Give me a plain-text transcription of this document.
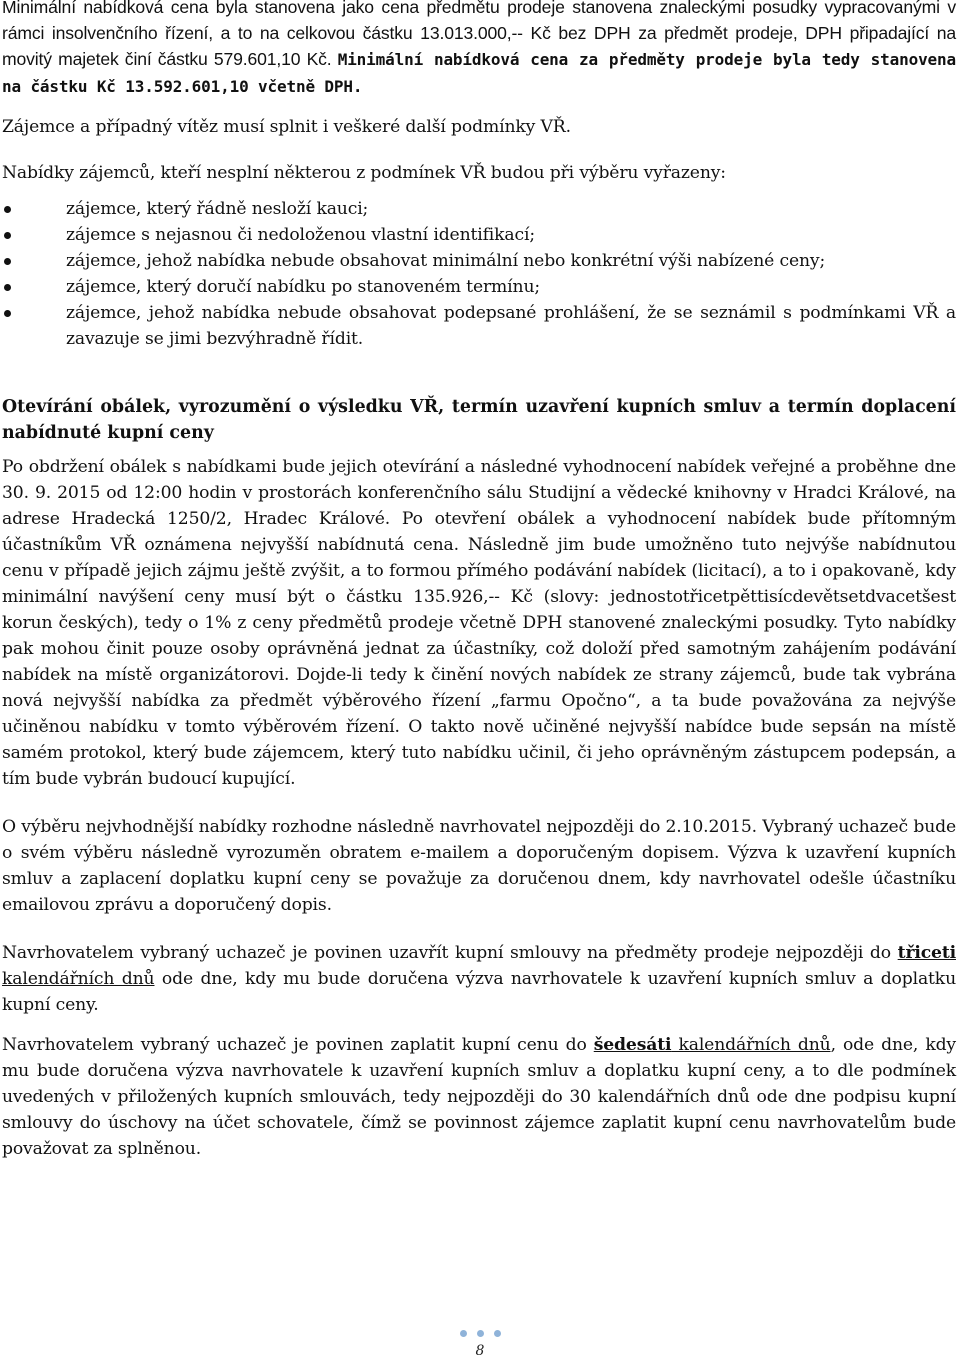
Minimální nabídková cena byla stanovena jako cena předmětu prodeje stanovena znaleckými posudky vypracovanými v rámci insolvenčního řízení, a to na celkovou částku 13.013.000,-- Kč bez DPH za předmět prodeje, DPH připadající na movitý majetek činí částku 579.601,10 Kč. Minimální nabídková cena za předměty prodeje byla tedy stanovena na částku Kč 13.592.601,10 včetně DPH.

Zájemce a případný vítěz musí splnit i veškeré další podmínky VŘ.

Nabídky zájemců, kteří nesplní některou z podmínek VŘ budou při výběru vyřazeny:

zájemce, který řádně nesloží kauci;
zájemce s nejasnou či nedoloženou vlastní identifikací;
zájemce, jehož nabídka nebude obsahovat minimální nebo konkrétní výši nabízené ceny;
zájemce, který doručí nabídku po stanoveném termínu;
zájemce, jehož nabídka nebude obsahovat podepsané prohlášení, že se seznámil s podmínkami VŘ a zavazuje se jimi bezvýhradně řídit.
Otevírání obálek, vyrozumění o výsledku VŘ, termín uzavření kupních smluv a termín doplacení nabídnuté kupní ceny

Po obdržení obálek s nabídkami bude jejich otevírání a následné vyhodnocení nabídek veřejné a proběhne dne 30. 9. 2015 od 12:00 hodin v prostorách konferenčního sálu Studijní a vědecké knihovny v Hradci Králové, na adrese Hradecká 1250/2, Hradec Králové. Po otevření obálek a vyhodnocení nabídek bude přítomným účastníkům VŘ oznámena nejvyšší nabídnutá cena. Následně jim bude umožněno tuto nejvýše nabídnutou cenu v případě jejich zájmu ještě zvýšit, a to formou přímého podávání nabídek (licitací), a to i opakovaně, kdy minimální navýšení ceny musí být o částku 135.926,-- Kč (slovy: jednostotřicetpěttisícdevětsetdvacetšest korun českých), tedy o 1% z ceny předmětů prodeje včetně DPH stanovené znaleckými posudky. Tyto nabídky pak mohou činit pouze osoby oprávněná jednat za účastníky, což doloží před samotným zahájením podávání nabídek na místě organizátorovi. Dojde-li tedy k činění nových nabídek ze strany zájemců, bude tak vybrána nová nejvyšší nabídka za předmět výběrového řízení „farmu Opočno“, a ta bude považována za nejvýše učiněnou nabídku v tomto výběrovém řízení. O takto nově učiněné nejvyšší nabídce bude sepsán na místě samém protokol, který bude zájemcem, který tuto nabídku učinil, či jeho oprávněným zástupcem podepsán, a tím bude vybrán budoucí kupující.

O výběru nejvhodnější nabídky rozhodne následně navrhovatel nejpozději do 2.10.2015. Vybraný uchazeč bude o svém výběru následně vyrozuměn obratem e-mailem a doporučeným dopisem. Výzva k uzavření kupních smluv a zaplacení doplatku kupní ceny se považuje za doručenou dnem, kdy navrhovatel odešle účastníku emailovou zprávu a doporučený dopis.

Navrhovatelem vybraný uchazeč je povinen uzavřít kupní smlouvy na předměty prodeje nejpozději do třiceti kalendářních dnů ode dne, kdy mu bude doručena výzva navrhovatele k uzavření kupních smluv a doplatku kupní ceny.

Navrhovatelem vybraný uchazeč je povinen zaplatit kupní cenu do šedesáti kalendářních dnů, ode dne, kdy mu bude doručena výzva navrhovatele k uzavření kupních smluv a doplatku kupní ceny, a to dle podmínek uvedených v přiložených kupních smlouvách, tedy nejpozději do 30 kalendářních dnů ode dne podpisu kupní smlouvy do úschovy na účet schovatele, čímž se povinnost zájemce zaplatit kupní cenu navrhovatelům bude považovat za splněnou.

8
